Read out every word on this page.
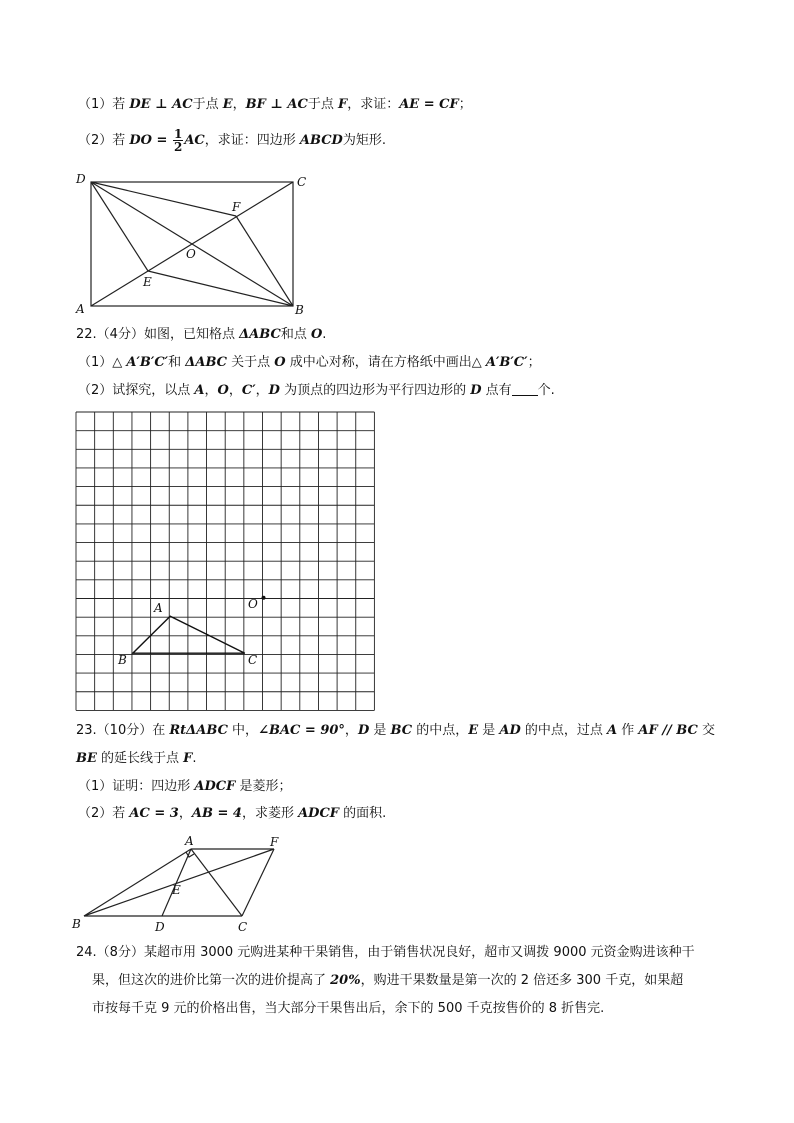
（1）若 DE ⊥ AC于点 E，BF ⊥ AC于点 F，求证：AE = CF；
（2）若 DO = $\frac{1}{2}$ AC，求证：四边形 ABCD为矩形.
D	C
F
O
E
A	B
22.（4分）如图，已知格点 ΔABC和点 O.
（1）△ A′B′C′和 ΔABC 关于点 O 成中心对称，请在方格纸中画出△ A′B′C′；
（2）试探究，以点 A，O，C′，D 为顶点的四边形为平行四边形的 D 点有 个.
A
B	C
O
23.（10分）在 RtΔABC 中，∠BAC = 90°，D 是 BC 的中点，E 是 AD 的中点，过点 A 作 AF // BC 交
BE 的延长线于点 F.
（1）证明：四边形 ADCF 是菱形；
（2）若 AC = 3，AB = 4，求菱形 ADCF 的面积.
A	F
E
B	D	C
24.（8分）某超市用 3000 元购进某种干果销售，由于销售状况良好，超市又调拨 9000 元资金购进该种干
果，但这次的进价比第一次的进价提高了 20%，购进干果数量是第一次的 2 倍还多 300 千克，如果超
市按每千克 9 元的价格出售，当大部分干果售出后，余下的 500 千克按售价的 8 折售完.
